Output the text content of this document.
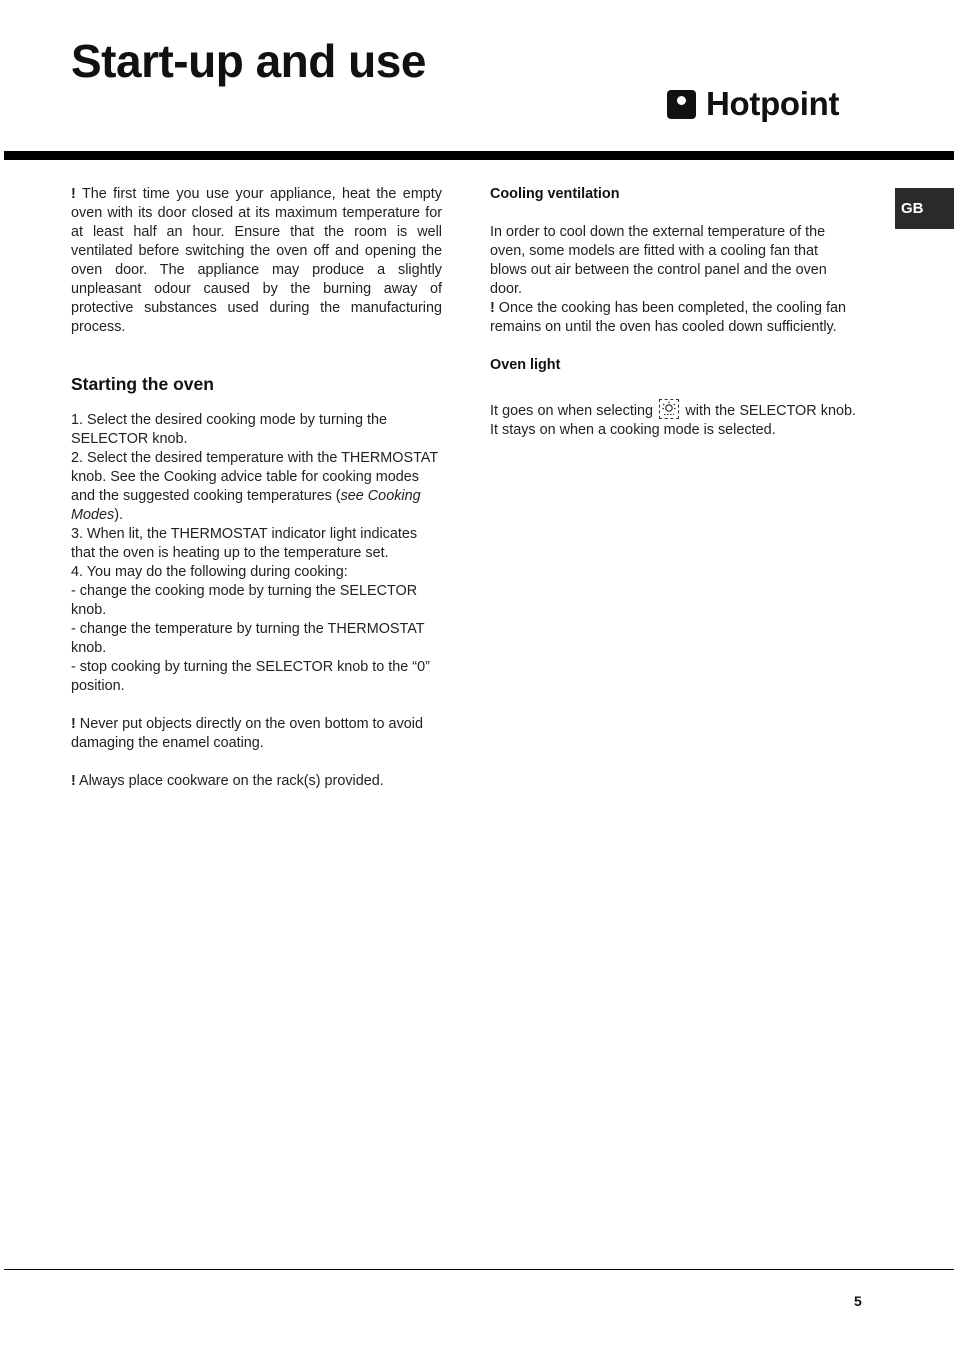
Start-up and use
Hotpoint
GB

! The first time you use your appliance, heat the empty oven with its door closed at its maximum temperature for at least half an hour. Ensure that the room is well ventilated before switching the oven off and opening the oven door. The appliance may produce a slightly unpleasant odour caused by the burning away of protective substances used during the manufacturing process.

Starting the oven

1. Select the desired cooking mode by turning the SELECTOR knob.

2. Select the desired temperature with the THERMOSTAT knob. See the Cooking advice table for cooking modes and the suggested cooking temperatures (see Cooking Modes).

3. When lit, the THERMOSTAT indicator light indicates that the oven is heating up to the temperature set.

4. You may do the following during cooking:

- change the cooking mode by turning the SELECTOR knob.

- change the temperature by turning the THERMOSTAT knob.

- stop cooking by turning the SELECTOR knob to the “0” position.

! Never put objects directly on the oven bottom to avoid damaging the enamel coating.

! Always place cookware on the rack(s) provided.

Cooling ventilation

In order to cool down the external temperature of the oven, some models are fitted with a cooling fan that blows out air between the control panel and the oven door.

! Once the cooking has been completed, the cooling fan remains on until the oven has cooled down sufficiently.

Oven light

It goes on when selecting
with the SELECTOR knob. It stays on when a cooking mode is selected.

5
